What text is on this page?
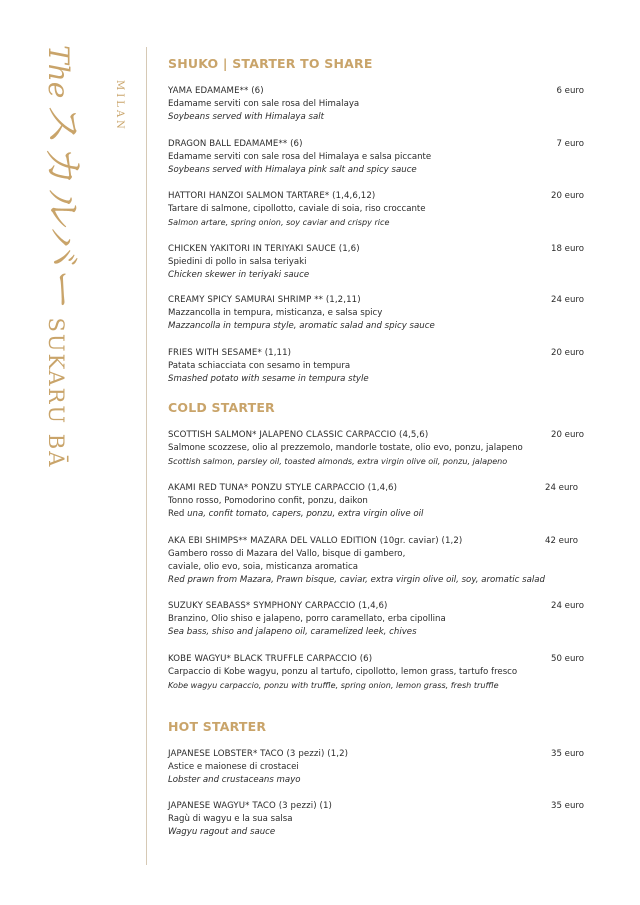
TheスカルバーSUKARU BĀ
MILAN
SHUKO | STARTER TO SHARE
YAMA EDAMAME** (6)	6 euro
Edamame serviti con sale rosa del Himalaya
Soybeans served with Himalaya salt
DRAGON BALL EDAMAME** (6)	7 euro
Edamame serviti con sale rosa del Himalaya e salsa piccante
Soybeans served with Himalaya pink salt and spicy sauce
HATTORI HANZOI SALMON TARTARE* (1,4,6,12)	20 euro
Tartare di salmone, cipollotto, caviale di soia, riso croccante
Salmon artare, spring onion, soy caviar and crispy rice
CHICKEN YAKITORI IN TERIYAKI SAUCE (1,6)	18 euro
Spiedini di pollo in salsa teriyaki
Chicken skewer in teriyaki sauce
CREAMY SPICY SAMURAI SHRIMP ** (1,2,11)	24 euro
Mazzancolla in tempura, misticanza, e salsa spicy
Mazzancolla in tempura style, aromatic salad and spicy sauce
FRIES WITH SESAME* (1,11)	20 euro
Patata schiacciata con sesamo in tempura
Smashed potato with sesame in tempura style
COLD STARTER
SCOTTISH SALMON* JALAPENO CLASSIC CARPACCIO (4,5,6)	20 euro
Salmone scozzese, olio al prezzemolo, mandorle tostate, olio evo, ponzu, jalapeno
Scottish salmon, parsley oil, toasted almonds, extra virgin olive oil, ponzu, jalapeno
AKAMI RED TUNA* PONZU STYLE CARPACCIO (1,4,6)	24 euro
Tonno rosso, Pomodorino confit, ponzu, daikon
Red una, confit tomato, capers, ponzu, extra virgin olive oil
AKA EBI SHIMPS** MAZARA DEL VALLO EDITION (10gr. caviar) (1,2)	42 euro
Gambero rosso di Mazara del Vallo, bisque di gambero,
caviale, olio evo, soia, misticanza aromatica
Red prawn from Mazara, Prawn bisque, caviar, extra virgin olive oil, soy, aromatic salad
SUZUKY SEABASS* SYMPHONY CARPACCIO (1,4,6)	24 euro
Branzino, Olio shiso e jalapeno, porro caramellato, erba cipollina
Sea bass, shiso and jalapeno oil, caramelized leek, chives
KOBE WAGYU* BLACK TRUFFLE CARPACCIO (6)	50 euro
Carpaccio di Kobe wagyu, ponzu al tartufo, cipollotto, lemon grass, tartufo fresco
Kobe wagyu carpaccio, ponzu with truffle, spring onion, lemon grass, fresh truffle
HOT STARTER
JAPANESE LOBSTER* TACO (3 pezzi) (1,2)	35 euro
Astice e maionese di crostacei
Lobster and crustaceans mayo
JAPANESE WAGYU* TACO (3 pezzi) (1)	35 euro
Ragù di wagyu e la sua salsa
Wagyu ragout and sauce
